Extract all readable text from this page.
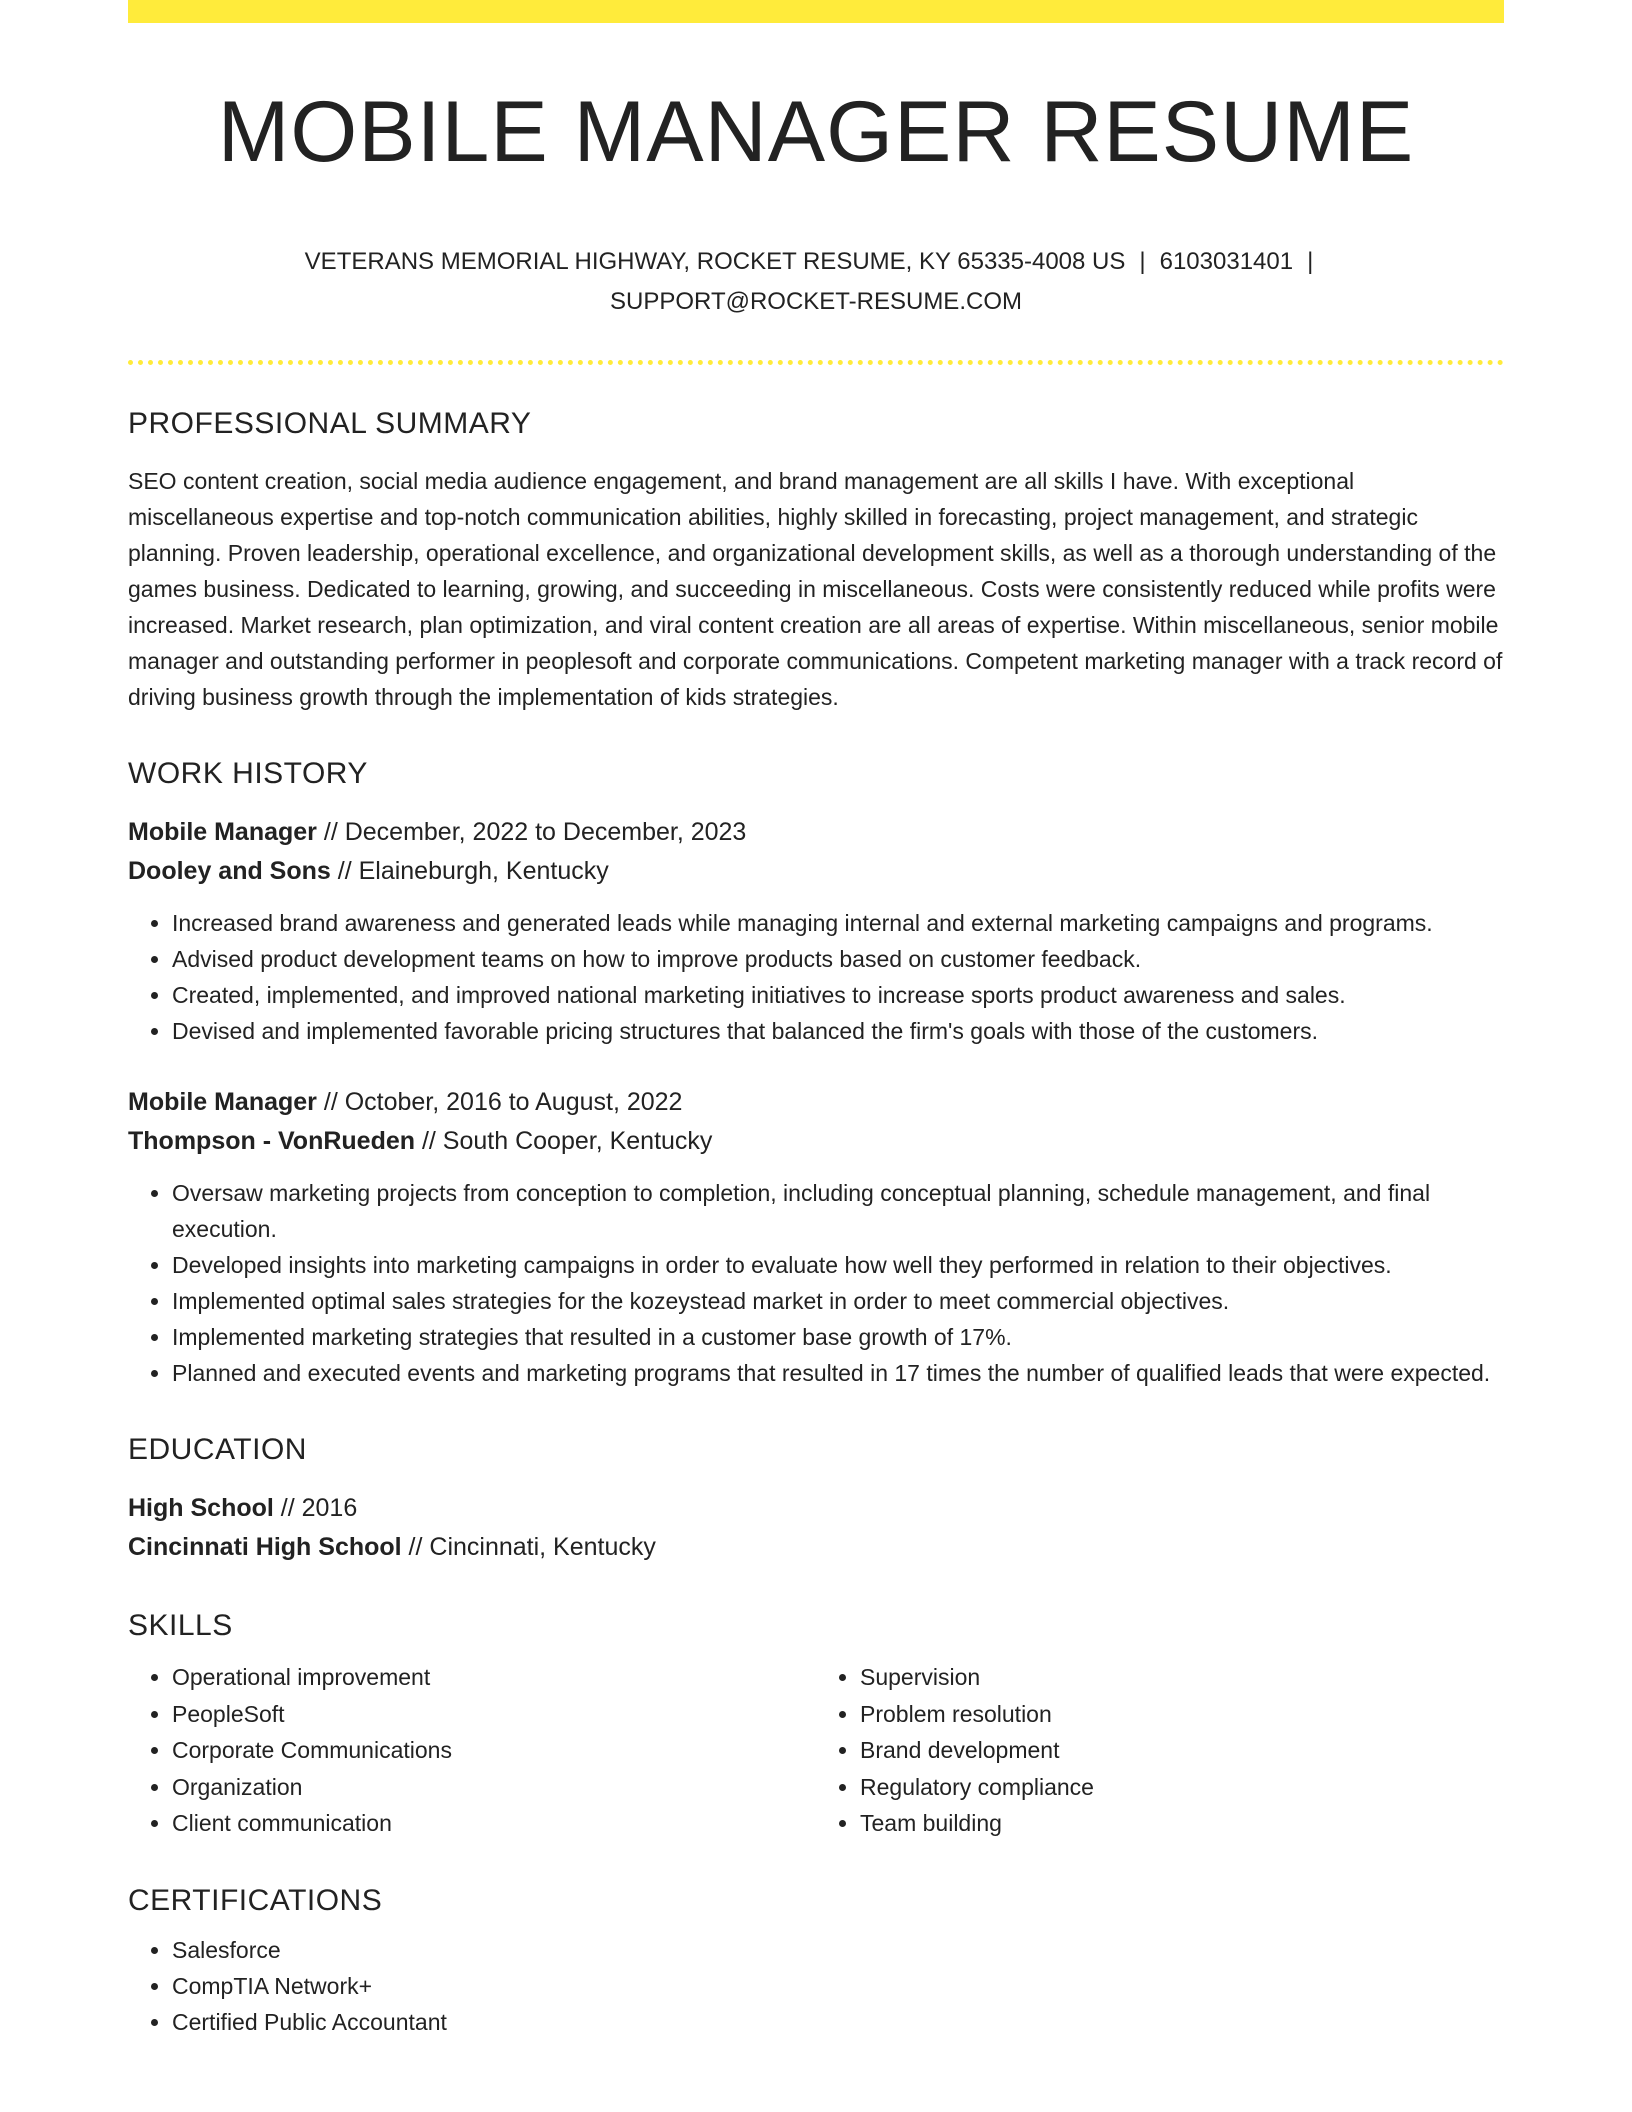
MOBILE MANAGER RESUME
VETERANS MEMORIAL HIGHWAY, ROCKET RESUME, KY 65335-4008 US | 6103031401 |
SUPPORT@ROCKET-RESUME.COM
PROFESSIONAL SUMMARY
SEO content creation, social media audience engagement, and brand management are all skills I have. With exceptional miscellaneous expertise and top-notch communication abilities, highly skilled in forecasting, project management, and strategic planning. Proven leadership, operational excellence, and organizational development skills, as well as a thorough understanding of the games business. Dedicated to learning, growing, and succeeding in miscellaneous. Costs were consistently reduced while profits were increased. Market research, plan optimization, and viral content creation are all areas of expertise. Within miscellaneous, senior mobile manager and outstanding performer in peoplesoft and corporate communications. Competent marketing manager with a track record of driving business growth through the implementation of kids strategies.
WORK HISTORY
Mobile Manager // December, 2022 to December, 2023
Dooley and Sons // Elaineburgh, Kentucky
• Increased brand awareness and generated leads while managing internal and external marketing campaigns and programs.
• Advised product development teams on how to improve products based on customer feedback.
• Created, implemented, and improved national marketing initiatives to increase sports product awareness and sales.
• Devised and implemented favorable pricing structures that balanced the firm's goals with those of the customers.
Mobile Manager // October, 2016 to August, 2022
Thompson - VonRueden // South Cooper, Kentucky
• Oversaw marketing projects from conception to completion, including conceptual planning, schedule management, and final execution.
• Developed insights into marketing campaigns in order to evaluate how well they performed in relation to their objectives.
• Implemented optimal sales strategies for the kozeystead market in order to meet commercial objectives.
• Implemented marketing strategies that resulted in a customer base growth of 17%.
• Planned and executed events and marketing programs that resulted in 17 times the number of qualified leads that were expected.
EDUCATION
High School // 2016
Cincinnati High School // Cincinnati, Kentucky
SKILLS
• Operational improvement
• PeopleSoft
• Corporate Communications
• Organization
• Client communication
• Supervision
• Problem resolution
• Brand development
• Regulatory compliance
• Team building
CERTIFICATIONS
• Salesforce
• CompTIA Network+
• Certified Public Accountant
